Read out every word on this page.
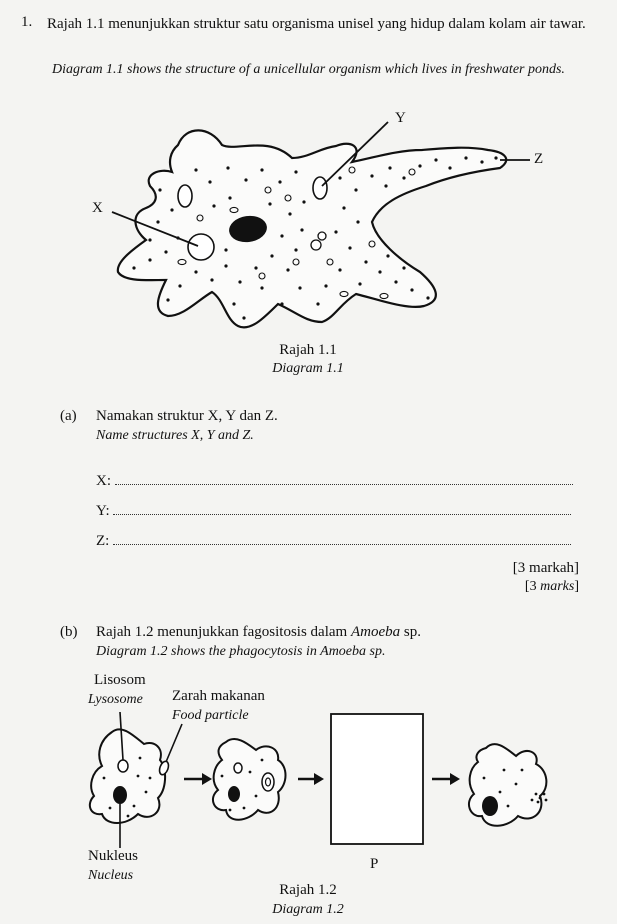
1. Rajah 1.1 menunjukkan struktur satu organisma unisel yang hidup dalam kolam air tawar.
Diagram 1.1 shows the structure of a unicellular organism which lives in freshwater ponds.
Y
Z
X
Rajah 1.1
Diagram 1.1
(a) Namakan struktur X, Y dan Z.
Name structures X, Y and Z.
X:
Y:
Z:
[3 markah]
[3 marks]
(b) Rajah 1.2 menunjukkan fagositosis dalam Amoeba sp.
Diagram 1.2 shows the phagocytosis in Amoeba sp.
Lisosom
Lysosome Zarah makanan
Food particle
Nukleus
Nucleus
P
Rajah 1.2
Diagram 1.2
